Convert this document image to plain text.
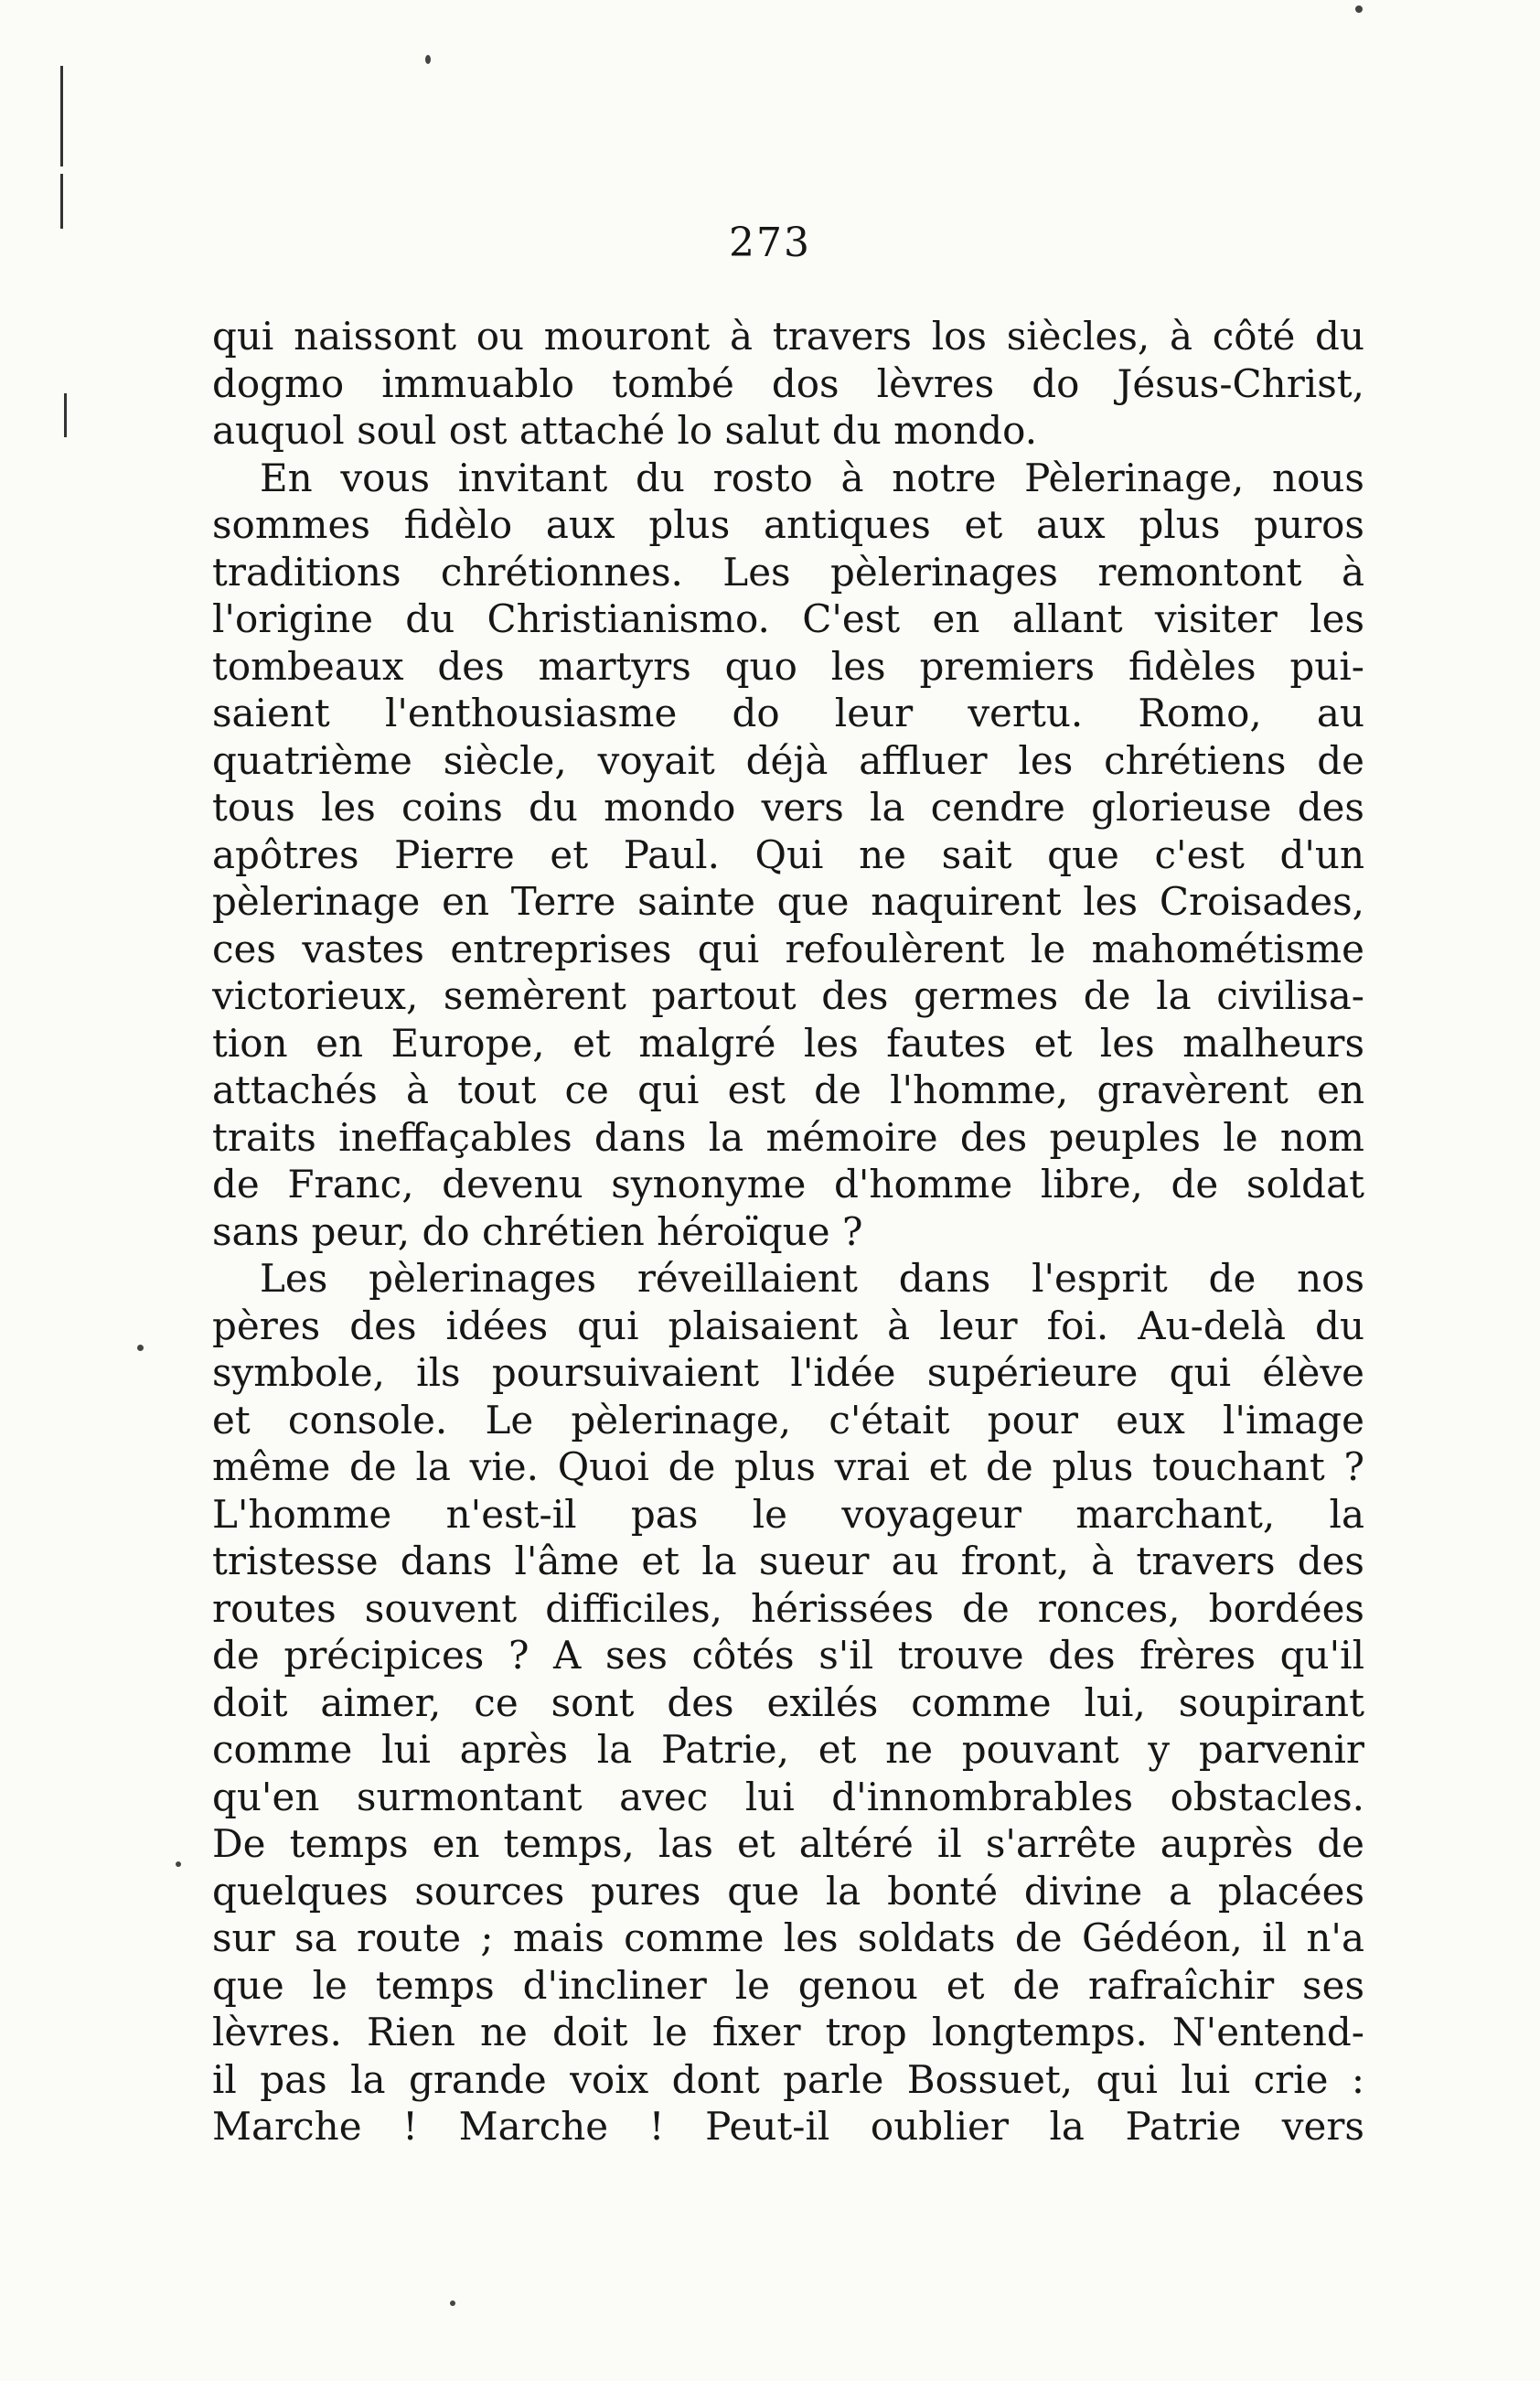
273
qui naissont ou mouront à travers los siècles, à côté du
dogmo immuablo tombé dos lèvres do Jésus-Christ,
auquol soul ost attaché lo salut du mondo.
En vous invitant du rosto à notre Pèlerinage, nous
sommes fidèlo aux plus antiques et aux plus puros
traditions chrétionnes. Les pèlerinages remontont à
l'origine du Christianismo. C'est en allant visiter les
tombeaux des martyrs quo les premiers fidèles pui-
saient l'enthousiasme do leur vertu. Romo, au
quatrième siècle, voyait déjà affluer les chrétiens de
tous les coins du mondo vers la cendre glorieuse des
apôtres Pierre et Paul. Qui ne sait que c'est d'un
pèlerinage en Terre sainte que naquirent les Croisades,
ces vastes entreprises qui refoulèrent le mahométisme
victorieux, semèrent partout des germes de la civilisa-
tion en Europe, et malgré les fautes et les malheurs
attachés à tout ce qui est de l'homme, gravèrent en
traits ineffaçables dans la mémoire des peuples le nom
de Franc, devenu synonyme d'homme libre, de soldat
sans peur, do chrétien héroïque ?
Les pèlerinages réveillaient dans l'esprit de nos
pères des idées qui plaisaient à leur foi. Au-delà du
symbole, ils poursuivaient l'idée supérieure qui élève
et console. Le pèlerinage, c'était pour eux l'image
même de la vie. Quoi de plus vrai et de plus touchant ?
L'homme n'est-il pas le voyageur marchant, la
tristesse dans l'âme et la sueur au front, à travers des
routes souvent difficiles, hérissées de ronces, bordées
de précipices ? A ses côtés s'il trouve des frères qu'il
doit aimer, ce sont des exilés comme lui, soupirant
comme lui après la Patrie, et ne pouvant y parvenir
qu'en surmontant avec lui d'innombrables obstacles.
De temps en temps, las et altéré il s'arrête auprès de
quelques sources pures que la bonté divine a placées
sur sa route ; mais comme les soldats de Gédéon, il n'a
que le temps d'incliner le genou et de rafraîchir ses
lèvres. Rien ne doit le fixer trop longtemps. N'entend-
il pas la grande voix dont parle Bossuet, qui lui crie :
Marche ! Marche ! Peut-il oublier la Patrie vers
